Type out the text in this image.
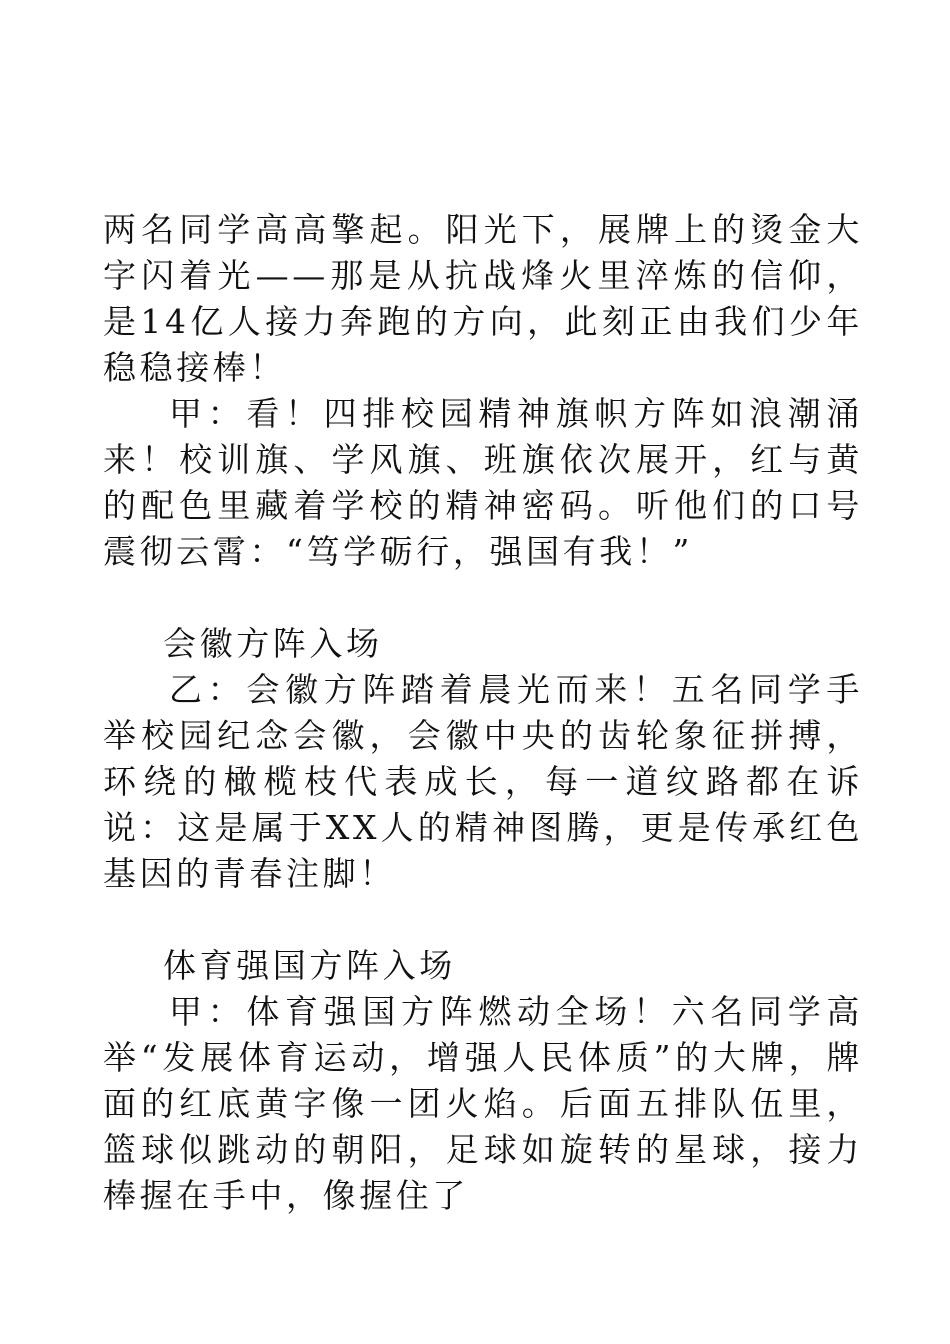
两名同学高高擎起。阳光下，展牌上的烫金大字闪着光——那是从抗战烽火里淬炼的信仰，是14亿人接力奔跑的方向，此刻正由我们少年稳稳接棒！

甲：看！四排校园精神旗帜方阵如浪潮涌来！校训旗、学风旗、班旗依次展开，红与黄的配色里藏着学校的精神密码。听他们的口号震彻云霄：“笃学砺行，强国有我！”

会徽方阵入场

乙：会徽方阵踏着晨光而来！五名同学手举校园纪念会徽，会徽中央的齿轮象征拼搏，环绕的橄榄枝代表成长，每一道纹路都在诉说：这是属于XX人的精神图腾，更是传承红色基因的青春注脚！

体育强国方阵入场

甲：体育强国方阵燃动全场！六名同学高举“发展体育运动，增强人民体质”的大牌，牌面的红底黄字像一团火焰。后面五排队伍里，篮球似跳动的朝阳，足球如旋转的星球，接力棒握在手中，像握住了
